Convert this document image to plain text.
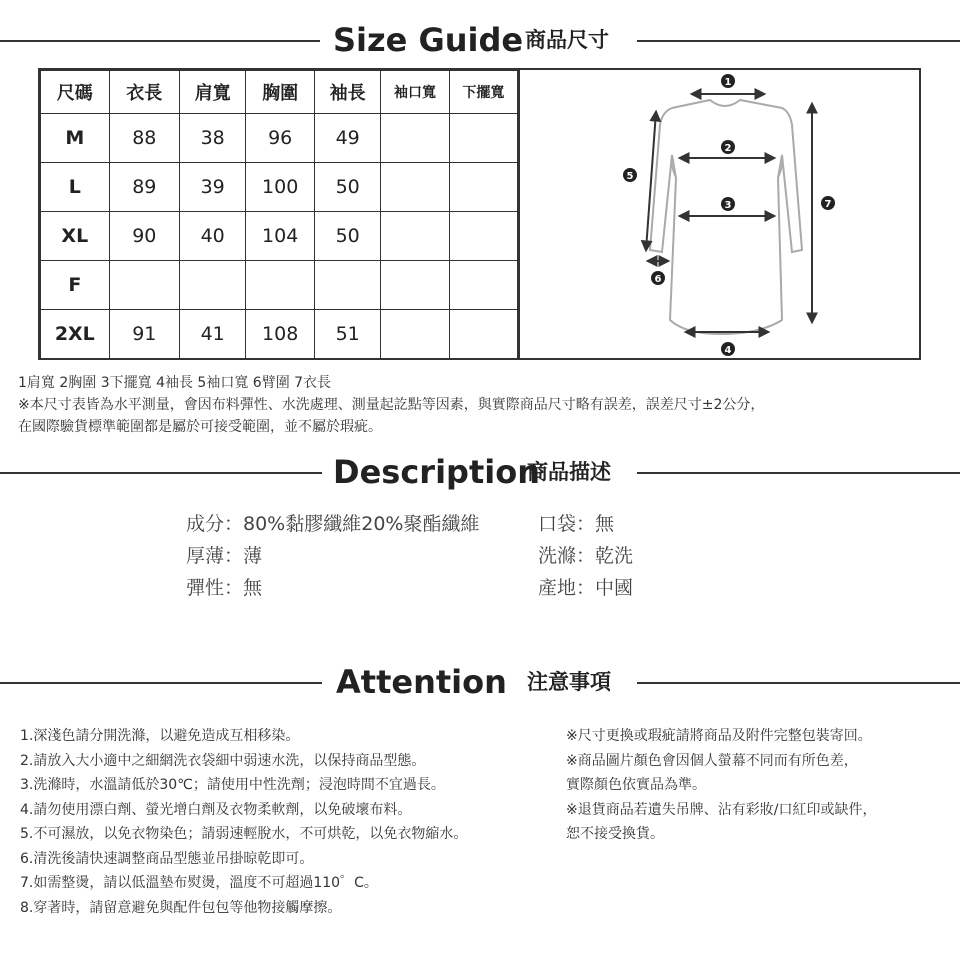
Size Guide 商品尺寸
尺碼	衣長	肩寬	胸圍	袖長	袖口寬	下擺寬
M	88	38	96	49		
L	89	39	100	50		
XL	90	40	104	50		
F						
2XL	91	41	108	51		
1
2
3
4
5
6
7
1肩寬 2胸圍 3下擺寬 4袖長 5袖口寬 6臂圍 7衣長
※本尺寸表皆為水平測量，會因布料彈性、水洗處理、測量起訖點等因素，與實際商品尺寸略有誤差，誤差尺寸±2公分，
在國際驗貨標準範圍都是屬於可接受範圍，並不屬於瑕疵。
Description
商品描述
成分：80%黏膠纖維20%聚酯纖維
厚薄：薄
彈性：無
口袋：無
洗滌：乾洗
產地：中國
Attention 注意事項
1.深淺色請分開洗滌，以避免造成互相移染。
2.請放入大小適中之細網洗衣袋細中弱速水洗，以保持商品型態。
3.洗滌時，水溫請低於30℃；請使用中性洗劑；浸泡時間不宜過長。
4.請勿使用漂白劑、螢光增白劑及衣物柔軟劑，以免破壞布料。
5.不可濕放，以免衣物染色；請弱速輕脫水，不可烘乾，以免衣物縮水。
6.清洗後請快速調整商品型態並吊掛晾乾即可。
7.如需整燙，請以低溫墊布熨燙，溫度不可超過110゜C。
8.穿著時，請留意避免與配件包包等他物接觸摩擦。
※尺寸更換或瑕疵請將商品及附件完整包裝寄回。
※商品圖片顏色會因個人螢幕不同而有所色差，
實際顏色依實品為準。
※退貨商品若遺失吊牌、沾有彩妝/口紅印或缺件，
恕不接受換貨。
